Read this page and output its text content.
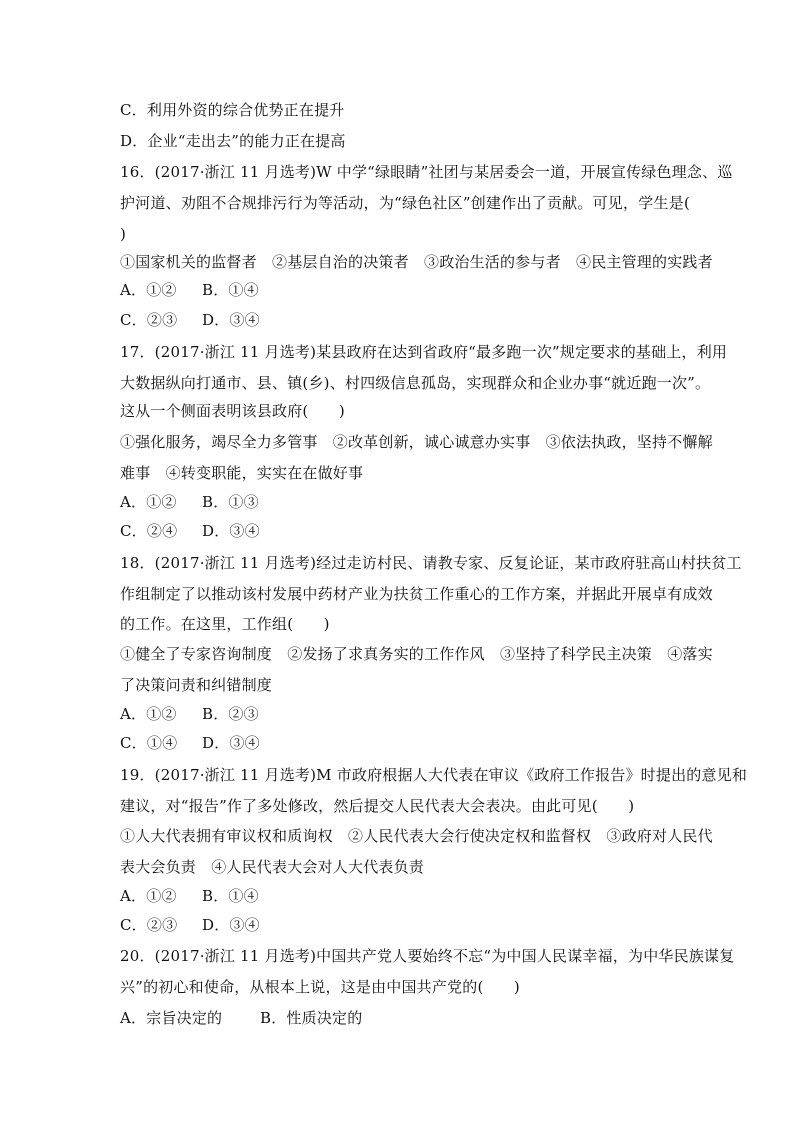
C．利用外资的综合优势正在提升
D．企业“走出去”的能力正在提高
16．(2017·浙江 11 月选考)W 中学“绿眼睛”社团与某居委会一道，开展宣传绿色理念、巡
护河道、劝阻不合规排污行为等活动，为“绿色社区”创建作出了贡献。可见，学生是(
)
①国家机关的监督者　②基层自治的决策者　③政治生活的参与者　④民主管理的实践者
A．①② B．①④
C．②③ D．③④
17．(2017·浙江 11 月选考)某县政府在达到省政府“最多跑一次”规定要求的基础上，利用
大数据纵向打通市、县、镇(乡)、村四级信息孤岛，实现群众和企业办事“就近跑一次”。
这从一个侧面表明该县政府(　　)
①强化服务，竭尽全力多管事　②改革创新，诚心诚意办实事　③依法执政，坚持不懈解
难事　④转变职能，实实在在做好事
A．①② B．①③
C．②④ D．③④
18．(2017·浙江 11 月选考)经过走访村民、请教专家、反复论证，某市政府驻高山村扶贫工
作组制定了以推动该村发展中药材产业为扶贫工作重心的工作方案，并据此开展卓有成效
的工作。在这里，工作组(　　)
①健全了专家咨询制度　②发扬了求真务实的工作作风　③坚持了科学民主决策　④落实
了决策问责和纠错制度
A．①② B．②③
C．①④ D．③④
19．(2017·浙江 11 月选考)M 市政府根据人大代表在审议《政府工作报告》时提出的意见和
建议，对“报告”作了多处修改，然后提交人民代表大会表决。由此可见(　　)
①人大代表拥有审议权和质询权　②人民代表大会行使决定权和监督权　③政府对人民代
表大会负责　④人民代表大会对人大代表负责
A．①② B．①④
C．②③ D．③④
20．(2017·浙江 11 月选考)中国共产党人要始终不忘“为中国人民谋幸福，为中华民族谋复
兴”的初心和使命，从根本上说，这是由中国共产党的(　　)
A．宗旨决定的	B．性质决定的
